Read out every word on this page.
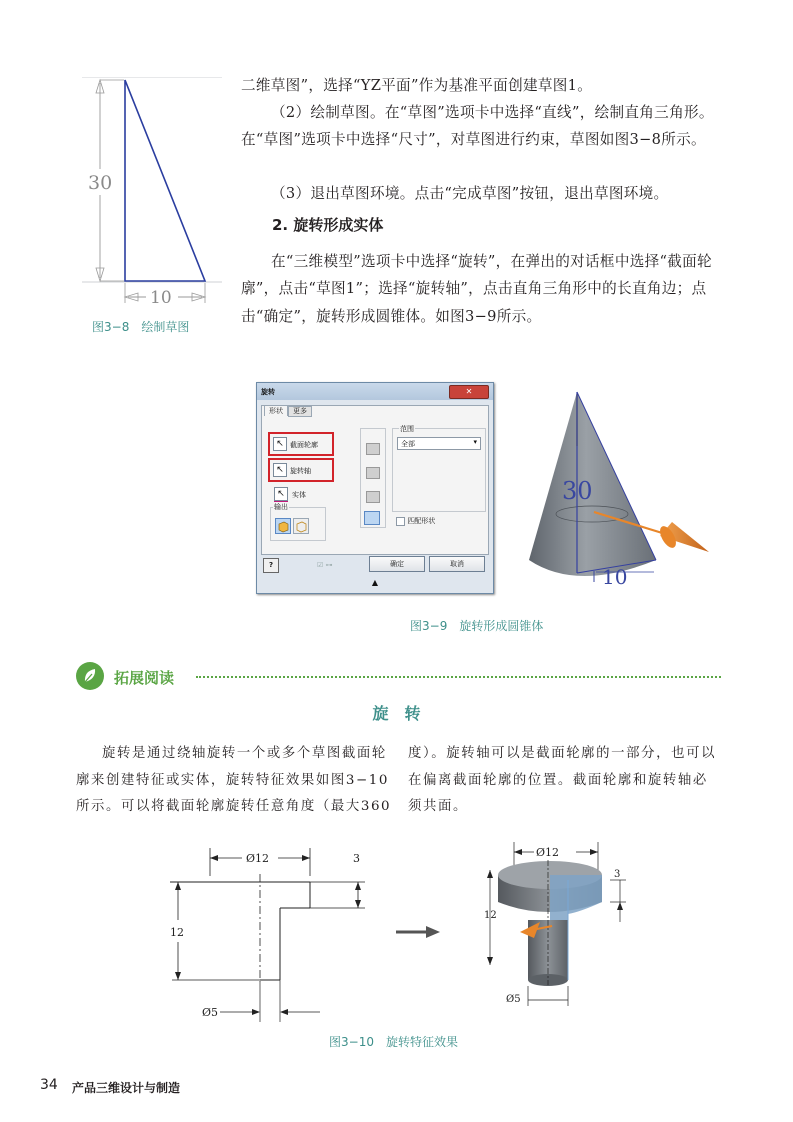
30
10
图3−8　绘制草图
二维草图”，选择“YZ平面”作为基准平面创建草图1。
（2）绘制草图。在“草图”选项卡中选择“直线”，绘制直角三角形。在“草图”选项卡中选择“尺寸”，对草图进行约束，草图如图3−8所示。
（3）退出草图环境。点击“完成草图”按钮，退出草图环境。
2. 旋转形成实体
在“三维模型”选项卡中选择“旋转”，在弹出的对话框中选择“截面轮廓”，点击“草图1”；选择“旋转轴”，点击直角三角形中的长直角边；点击“确定”，旋转形成圆锥体。如图3−9所示。
旋转	✕
形状	更多
↖ 截面轮廓
↖ 旋转轴
↖	实体
输出
范围
全部	▾
匹配形状
?	☑ ⊶	确定	取消
▲
30
10
图3−9　旋转形成圆锥体
拓展阅读
旋　转
旋转是通过绕轴旋转一个或多个草图截面轮廓来创建特征或实体，旋转特征效果如图3−10所示。可以将截面轮廓旋转任意角度（最大360
度）。旋转轴可以是截面轮廓的一部分，也可以在偏离截面轮廓的位置。截面轮廓和旋转轴必须共面。
Ø12	3
12
Ø5
Ø12
3
12
Ø5
图3−10　旋转特征效果
34 产品三维设计与制造
